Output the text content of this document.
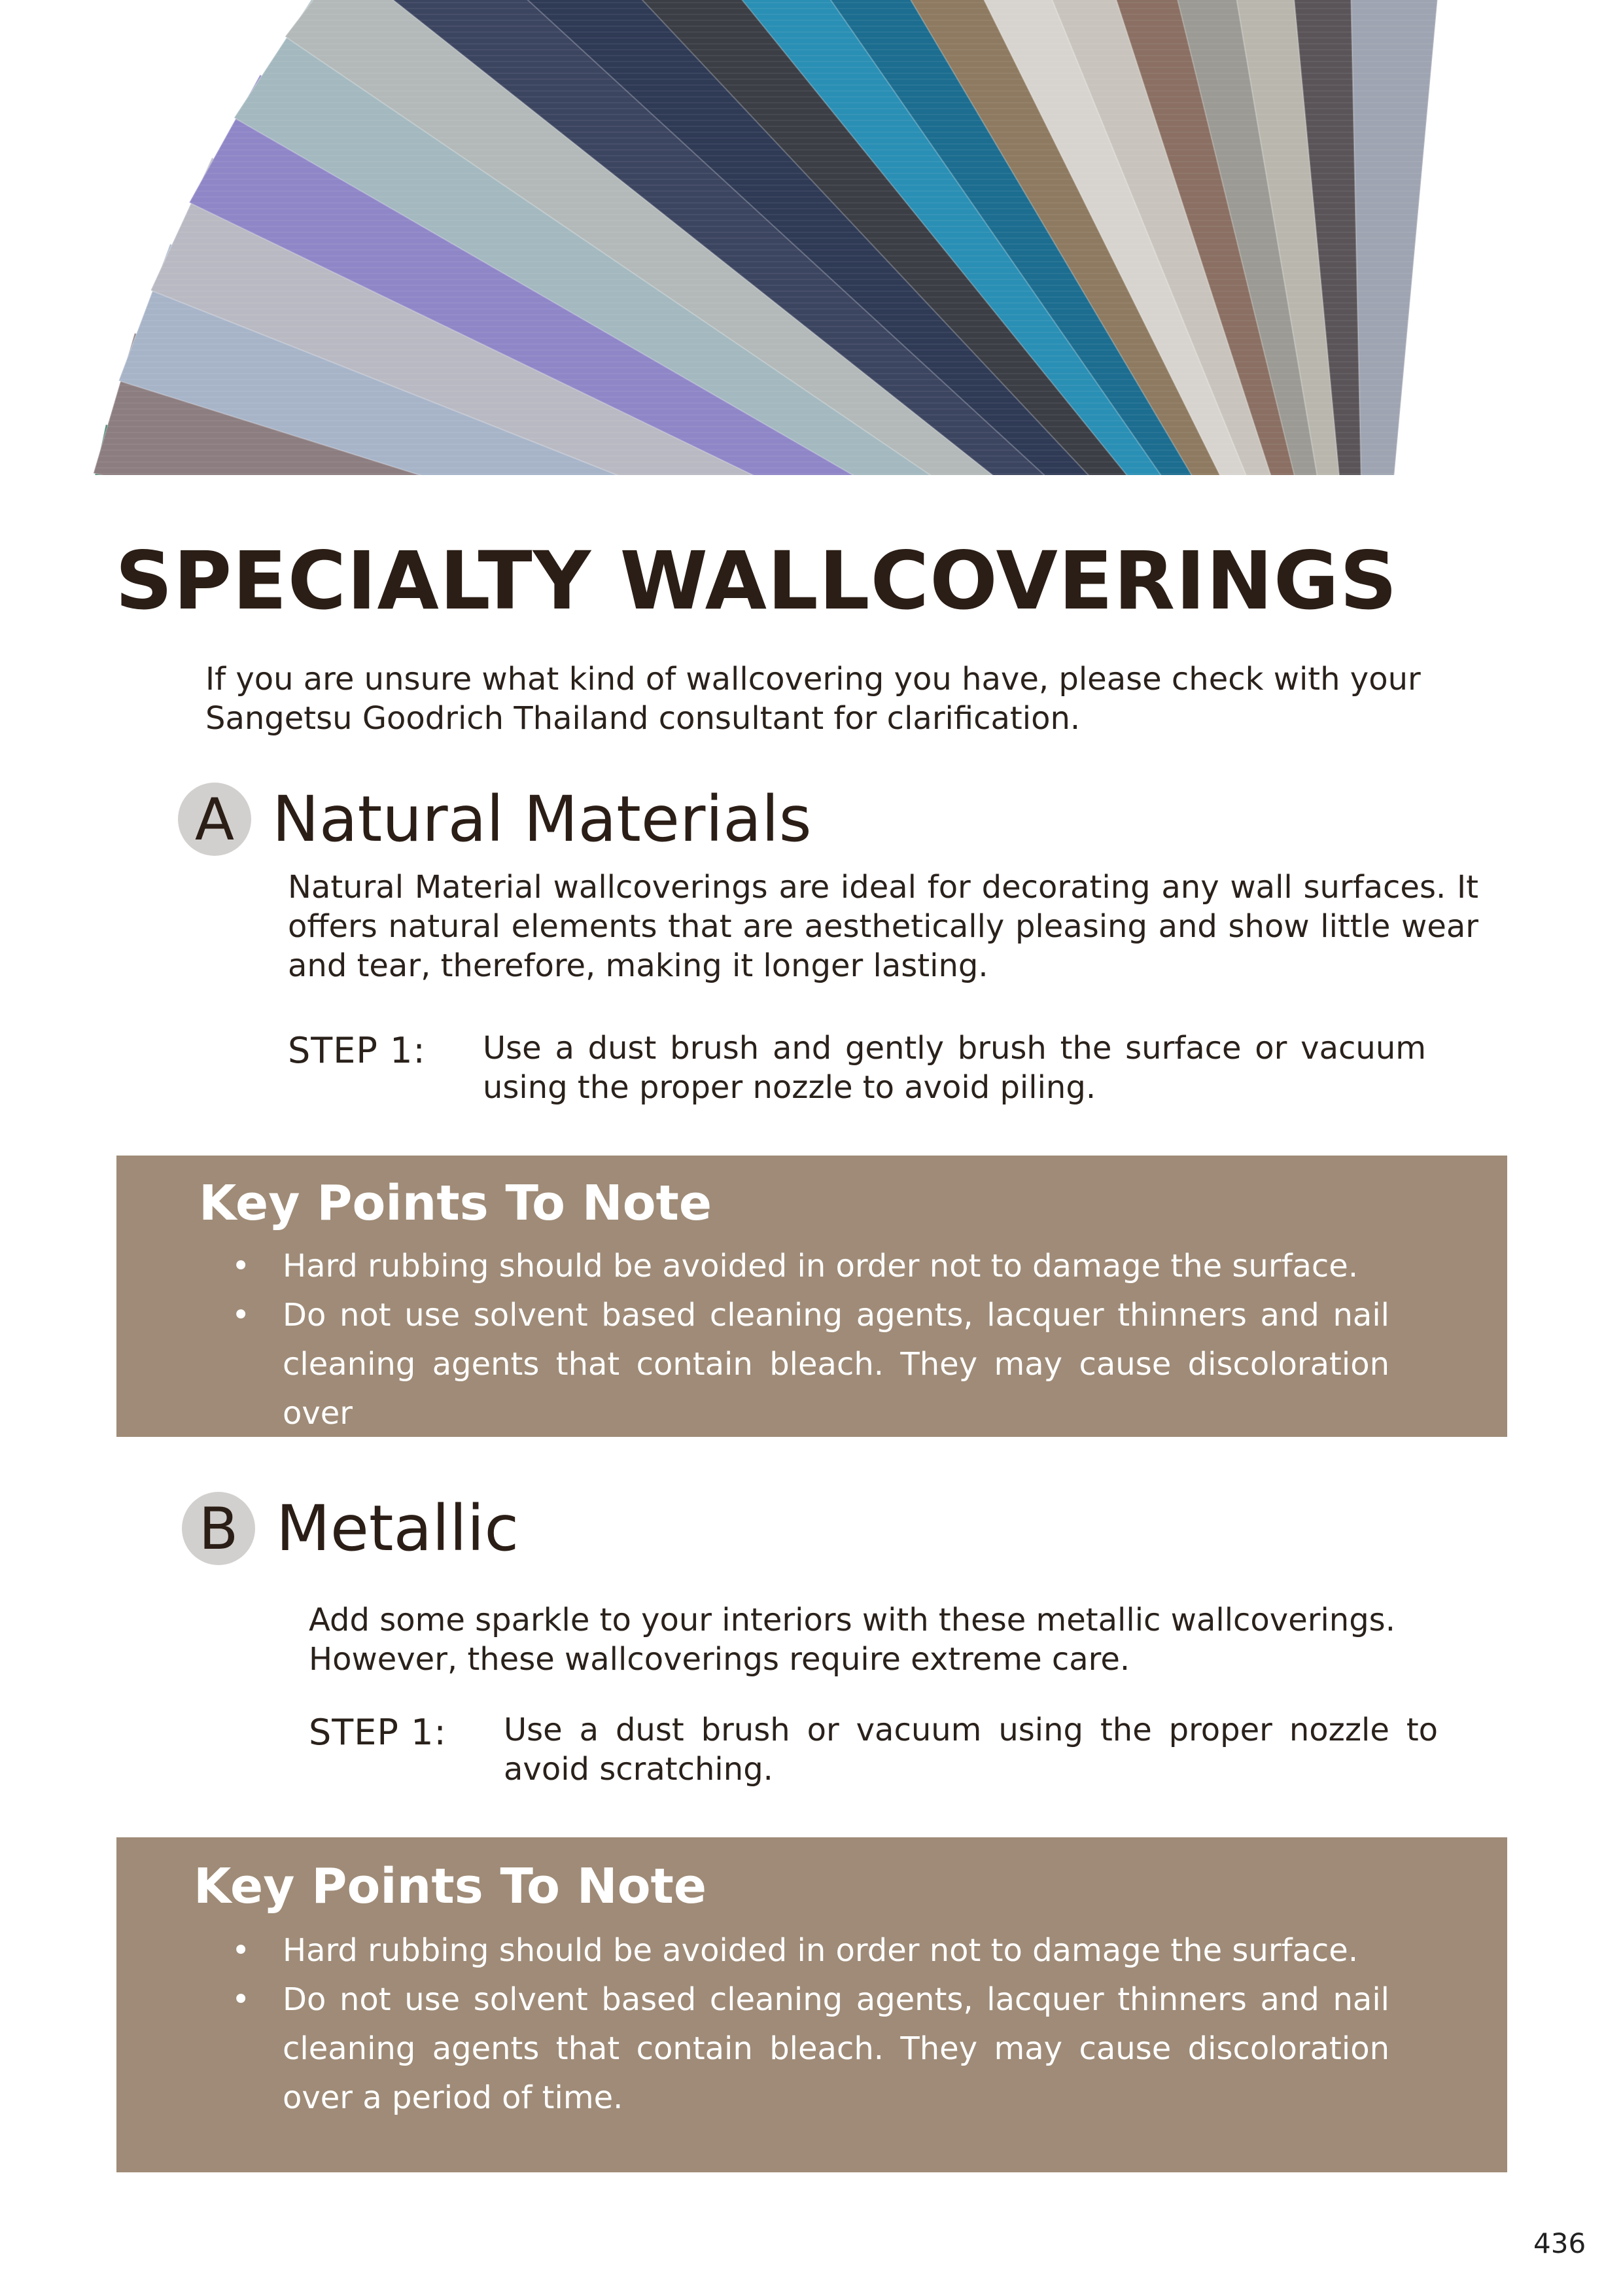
SPECIALTY WALLCOVERINGS

If you are unsure what kind of wallcovering you have, please check with your Sangetsu Goodrich Thailand consultant for clarification.

A Natural Materials

Natural Material wallcoverings are ideal for decorating any wall surfaces. It offers natural elements that are aesthetically pleasing and show little wear and tear, therefore, making it longer lasting.

STEP 1: Use a dust brush and gently brush the surface or vacuum using the proper nozzle to avoid piling.

Key Points To Note
• Hard rubbing should be avoided in order not to damage the surface.
• Do not use solvent based cleaning agents, lacquer thinners and nail cleaning agents that contain bleach. They may cause discoloration over
B Metallic

Add some sparkle to your interiors with these metallic wallcoverings. However, these wallcoverings require extreme care.

STEP 1: Use a dust brush or vacuum using the proper nozzle to avoid scratching.

Key Points To Note
• Hard rubbing should be avoided in order not to damage the surface.
• Do not use solvent based cleaning agents, lacquer thinners and nail cleaning agents that contain bleach. They may cause discoloration over a period of time.
436
